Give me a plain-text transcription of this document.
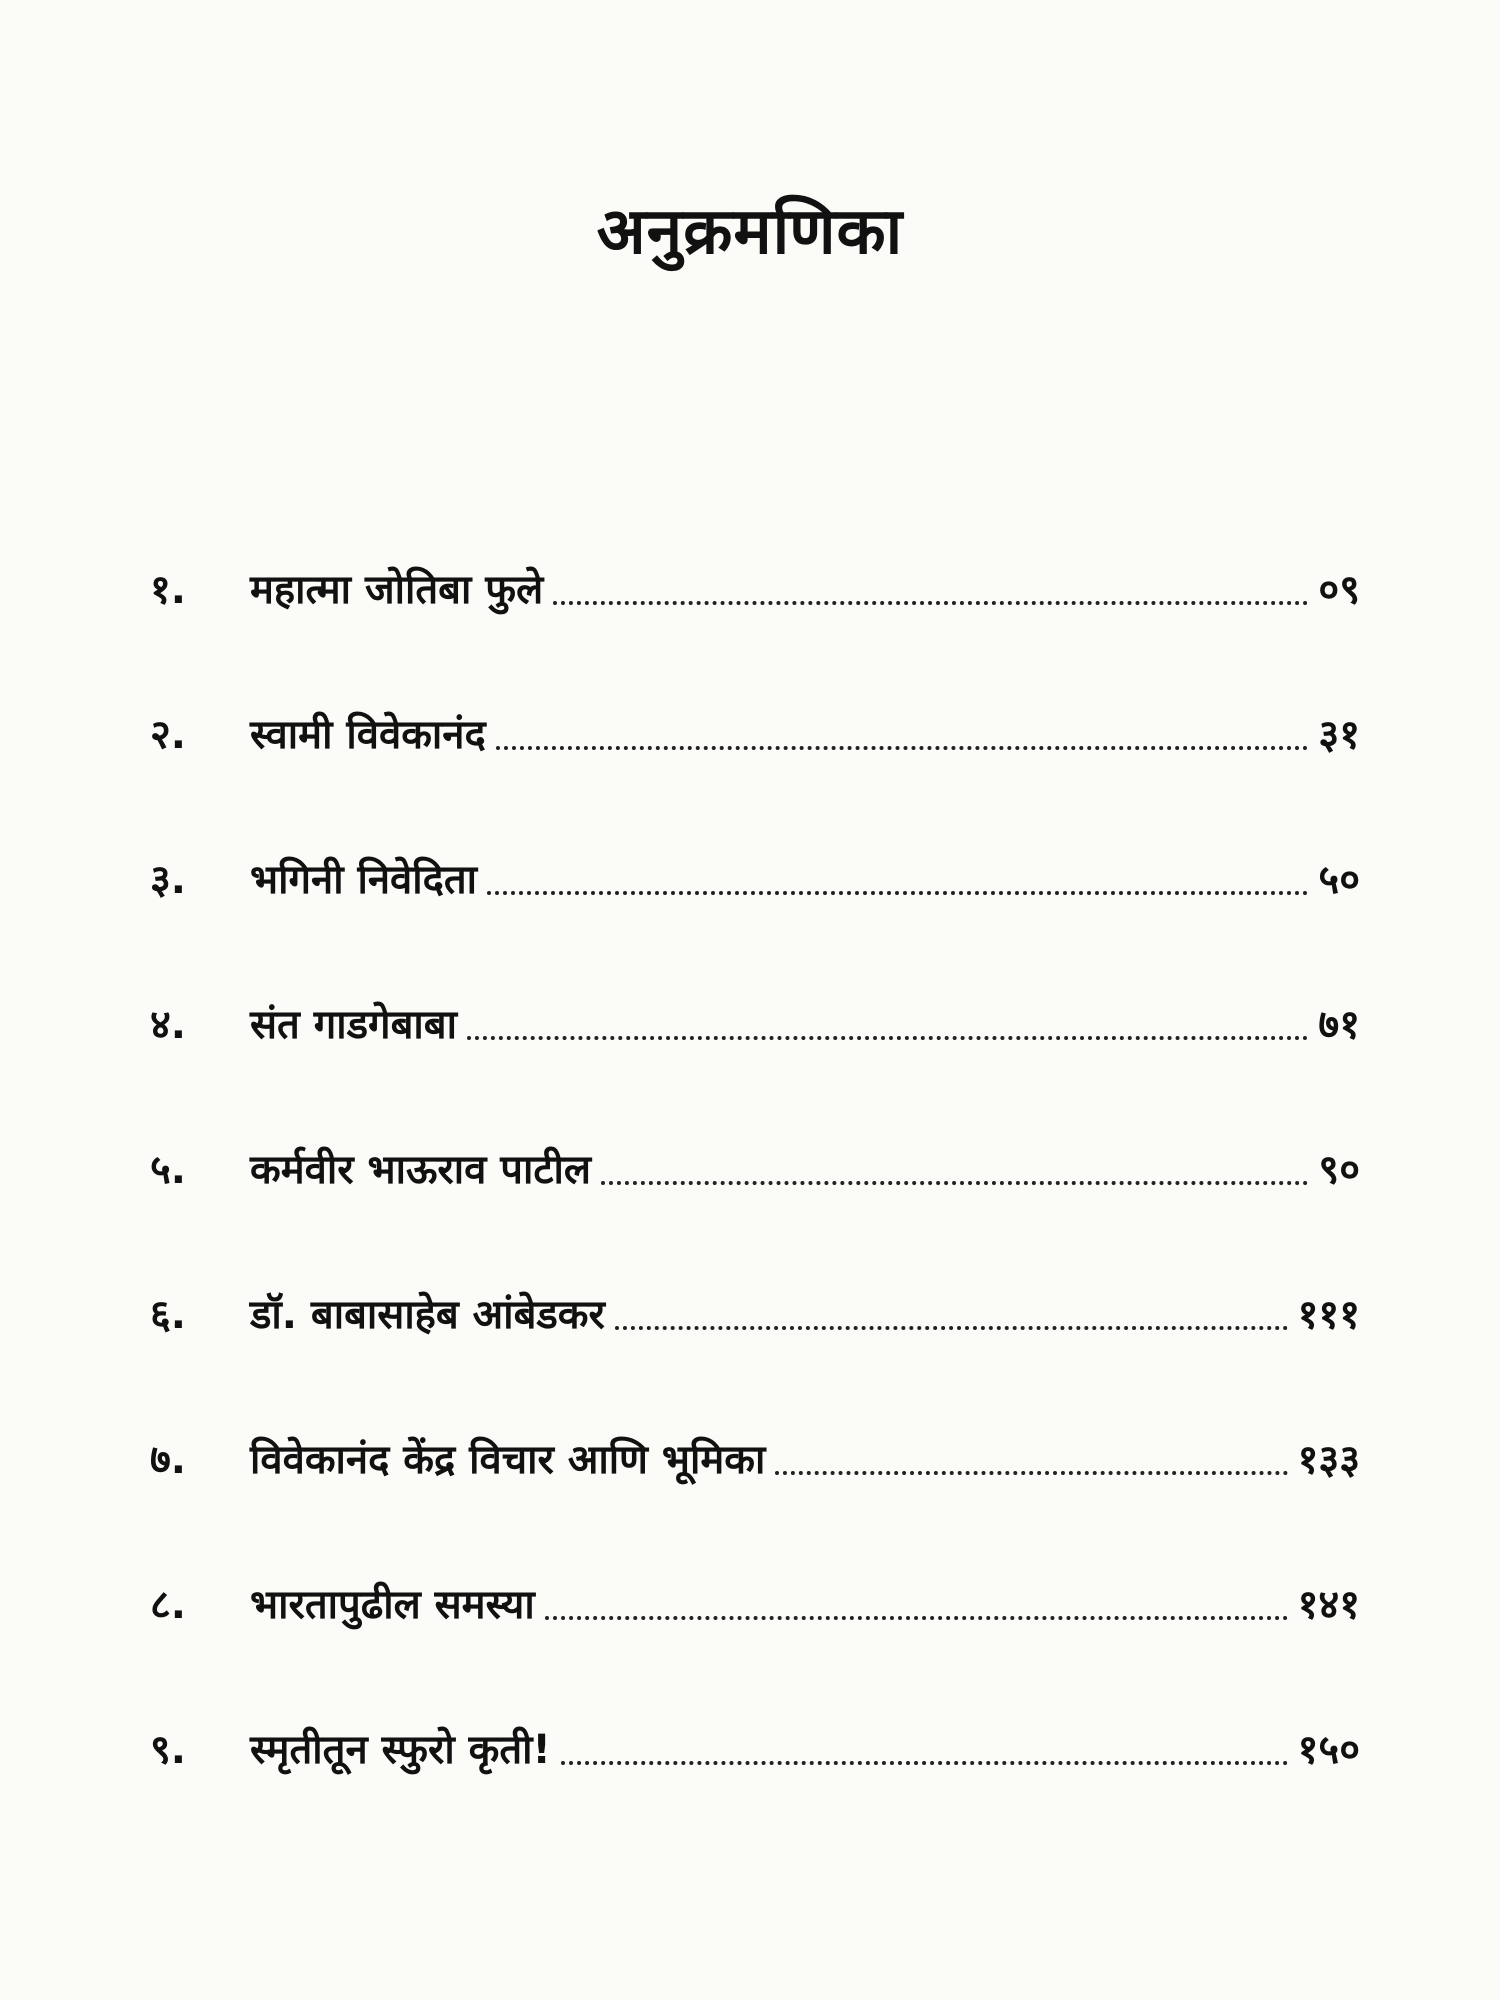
अनुक्रमणिका
१.	महात्मा जोतिबा फुले	०९
२.	स्वामी विवेकानंद	३१
३.	भगिनी निवेदिता	५०
४.	संत गाडगेबाबा	७१
५.	कर्मवीर भाऊराव पाटील	९०
६.	डॉ. बाबासाहेब आंबेडकर	१११
७.	विवेकानंद केंद्र विचार आणि भूमिका	१३३
८.	भारतापुढील समस्या	१४१
९.	स्मृतीतून स्फुरो कृती!	१५०
